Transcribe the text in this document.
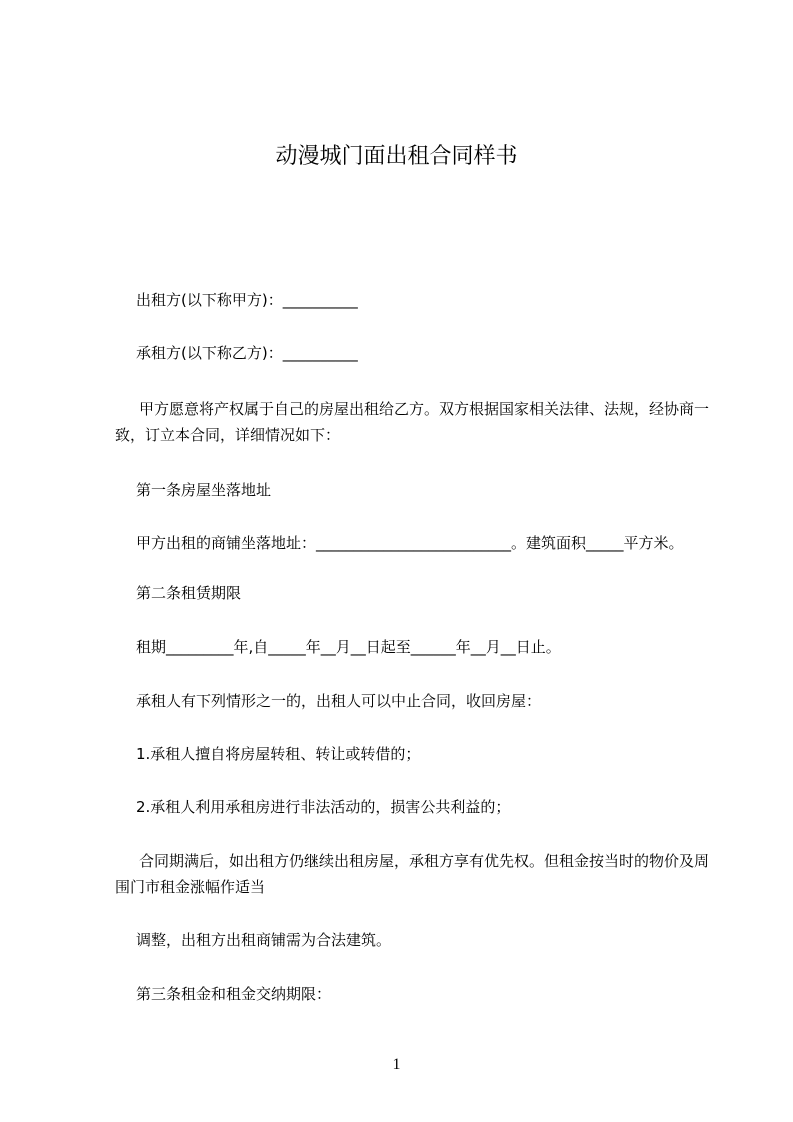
动漫城门面出租合同样书
出租方(以下称甲方)：__________
承租方(以下称乙方)：__________
甲方愿意将产权属于自己的房屋出租给乙方。双方根据国家相关法律、法规，经协商一致，订立本合同，详细情况如下：
第一条房屋坐落地址
甲方出租的商铺坐落地址：__________________________。建筑面积_____平方米。
第二条租赁期限
租期_________年,自_____年__月__日起至______年__月__日止。
承租人有下列情形之一的，出租人可以中止合同，收回房屋：
1.承租人擅自将房屋转租、转让或转借的；
2.承租人利用承租房进行非法活动的，损害公共利益的；
合同期满后，如出租方仍继续出租房屋，承租方享有优先权。但租金按当时的物价及周围门市租金涨幅作适当
调整，出租方出租商铺需为合法建筑。
第三条租金和租金交纳期限：
1
